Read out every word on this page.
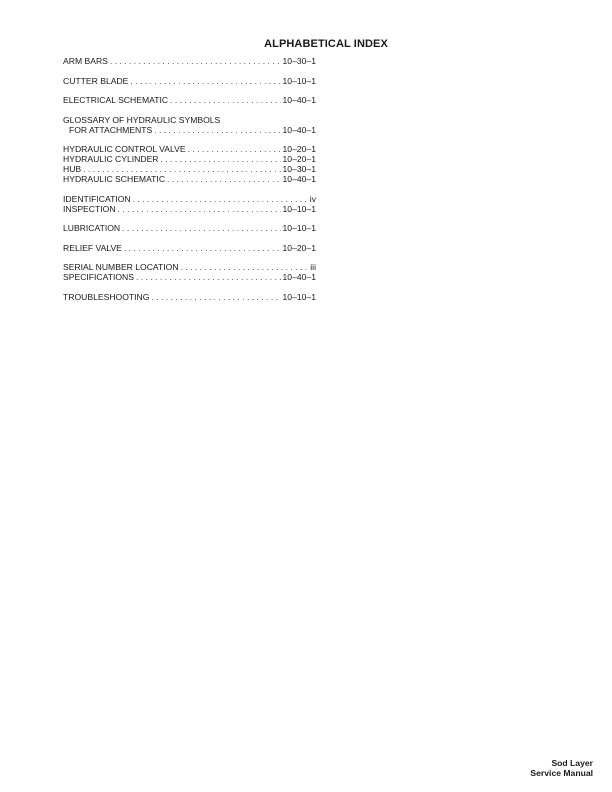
ALPHABETICAL INDEX
ARM BARS . . .	10–30–1
CUTTER BLADE . . .	10–10–1
ELECTRICAL SCHEMATIC . . .	10–40–1
GLOSSARY OF HYDRAULIC SYMBOLS
FOR ATTACHMENTS . . .	10–40–1
HYDRAULIC CONTROL VALVE . . .	10–20–1
HYDRAULIC CYLINDER . . .	10–20–1
HUB . . .	10–30–1
HYDRAULIC SCHEMATIC . . .	10–40–1
IDENTIFICATION . . .	iv
INSPECTION . . .	10–10–1
LUBRICATION . . .	10–10–1
RELIEF VALVE . . .	10–20–1
SERIAL NUMBER LOCATION . . .	iii
SPECIFICATIONS . . .	10–40–1
TROUBLESHOOTING . . .	10–10–1
Sod Layer
Service Manual
